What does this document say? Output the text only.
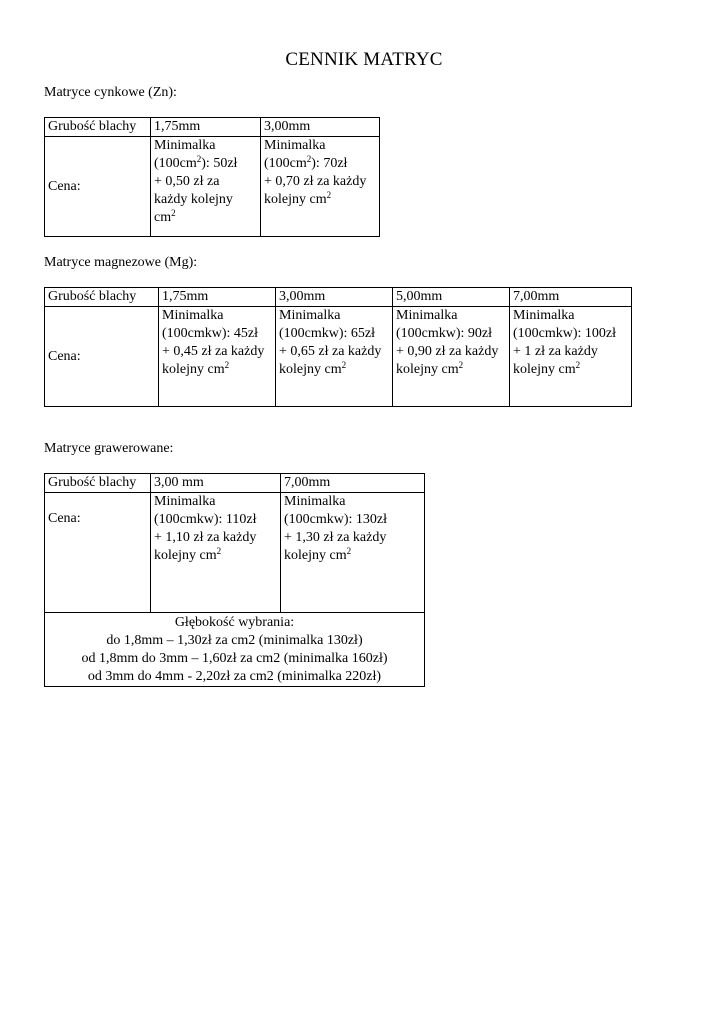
CENNIK MATRYC
Matryce cynkowe (Zn):
Grubość blachy	1,75mm	3,00mm
Cena:	Minimalka
$(100cm^2)$: 50zł
+ 0,50 zł za
każdy kolejny
$cm^2$	Minimalka
$(100cm^2)$: 70zł
+ 0,70 zł za każdy
kolejny $cm^2$
Matryce magnezowe (Mg):
Grubość blachy	1,75mm	3,00mm	5,00mm	7,00mm
Cena:	Minimalka
(100cmkw): 45zł
+ 0,45 zł za każdy
kolejny $cm^2$	Minimalka
(100cmkw): 65zł
+ 0,65 zł za każdy
kolejny $cm^2$	Minimalka
(100cmkw): 90zł
+ 0,90 zł za każdy
kolejny $cm^2$	Minimalka
(100cmkw): 100zł
+ 1 zł za każdy
kolejny $cm^2$
Matryce grawerowane:
Grubość blachy	3,00 mm	7,00mm
Cena:	Minimalka
(100cmkw): 110zł
+ 1,10 zł za każdy
kolejny $cm^2$	Minimalka
(100cmkw): 130zł
+ 1,30 zł za każdy
kolejny $cm^2$

Głębokość wybrania:
do 1,8mm – 1,30zł za cm2 (minimalka 130zł)
od 1,8mm do 3mm – 1,60zł za cm2 (minimalka 160zł)
od 3mm do 4mm - 2,20zł za cm2 (minimalka 220zł)		
